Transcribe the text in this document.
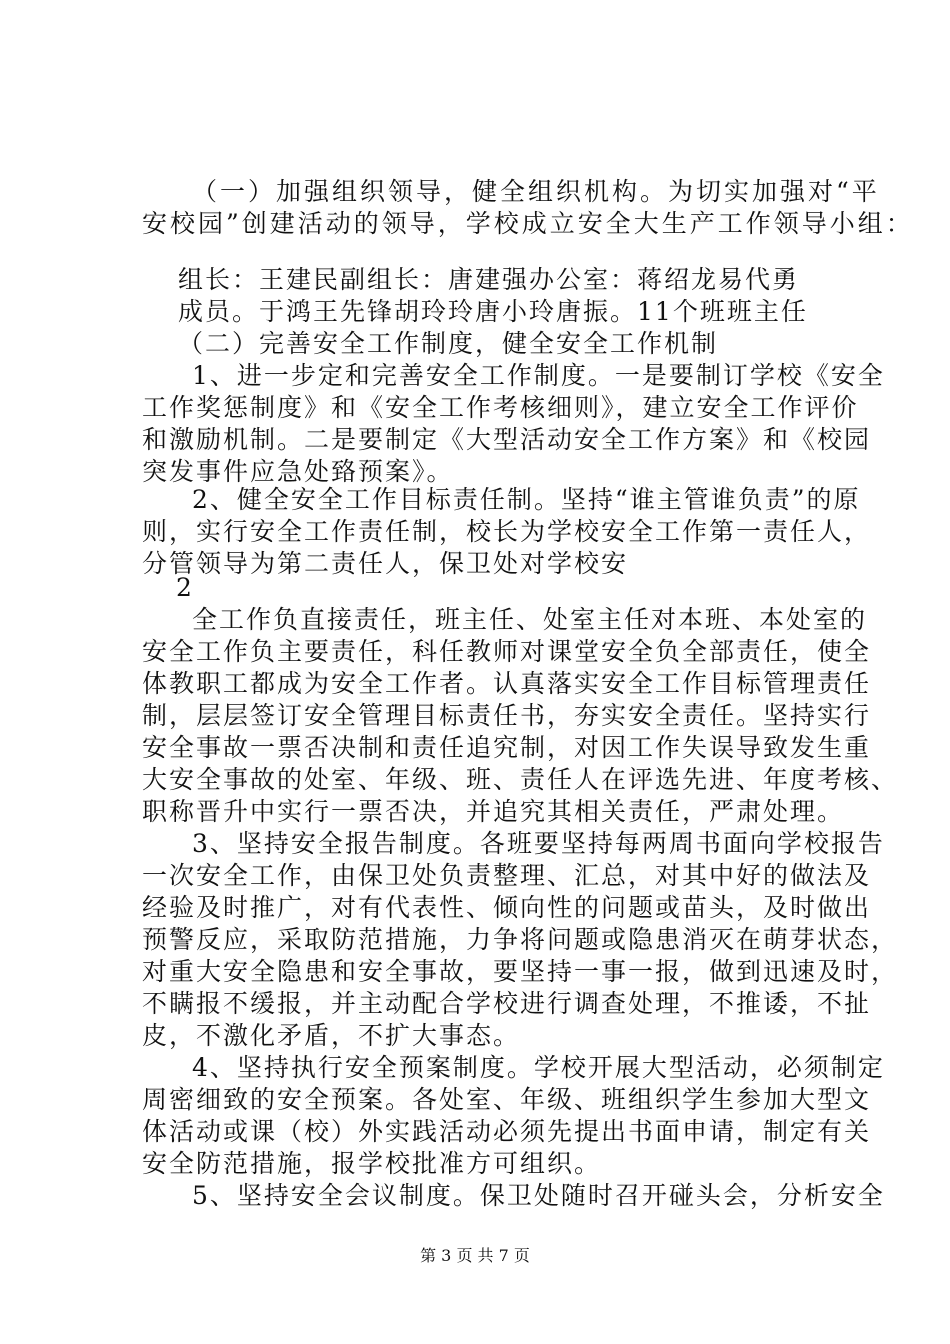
（一）加强组织领导，健全组织机构。为切实加强对“平
安校园”创建活动的领导，学校成立安全大生产工作领导小组：
组长：王建民副组长：唐建强办公室：蒋绍龙易代勇
成员。于鸿王先锋胡玲玲唐小玲唐振。11个班班主任
（二）完善安全工作制度，健全安全工作机制
1、进一步定和完善安全工作制度。一是要制订学校《安全
工作奖惩制度》和《安全工作考核细则》，建立安全工作评价
和激励机制。二是要制定《大型活动安全工作方案》和《校园
突发事件应急处臵预案》。
2、健全安全工作目标责任制。坚持“谁主管谁负责”的原
则，实行安全工作责任制，校长为学校安全工作第一责任人，
分管领导为第二责任人，保卫处对学校安
2
全工作负直接责任，班主任、处室主任对本班、本处室的
安全工作负主要责任，科任教师对课堂安全负全部责任，使全
体教职工都成为安全工作者。认真落实安全工作目标管理责任
制，层层签订安全管理目标责任书，夯实安全责任。坚持实行
安全事故一票否决制和责任追究制，对因工作失误导致发生重
大安全事故的处室、年级、班、责任人在评选先进、年度考核、
职称晋升中实行一票否决，并追究其相关责任，严肃处理。
3、坚持安全报告制度。各班要坚持每两周书面向学校报告
一次安全工作，由保卫处负责整理、汇总，对其中好的做法及
经验及时推广，对有代表性、倾向性的问题或苗头，及时做出
预警反应，采取防范措施，力争将问题或隐患消灭在萌芽状态，
对重大安全隐患和安全事故，要坚持一事一报，做到迅速及时，
不瞒报不缓报，并主动配合学校进行调查处理，不推诿，不扯
皮，不激化矛盾，不扩大事态。
4、坚持执行安全预案制度。学校开展大型活动，必须制定
周密细致的安全预案。各处室、年级、班组织学生参加大型文
体活动或课（校）外实践活动必须先提出书面申请，制定有关
安全防范措施，报学校批准方可组织。
5、坚持安全会议制度。保卫处随时召开碰头会，分析安全
第 3 页 共 7 页
